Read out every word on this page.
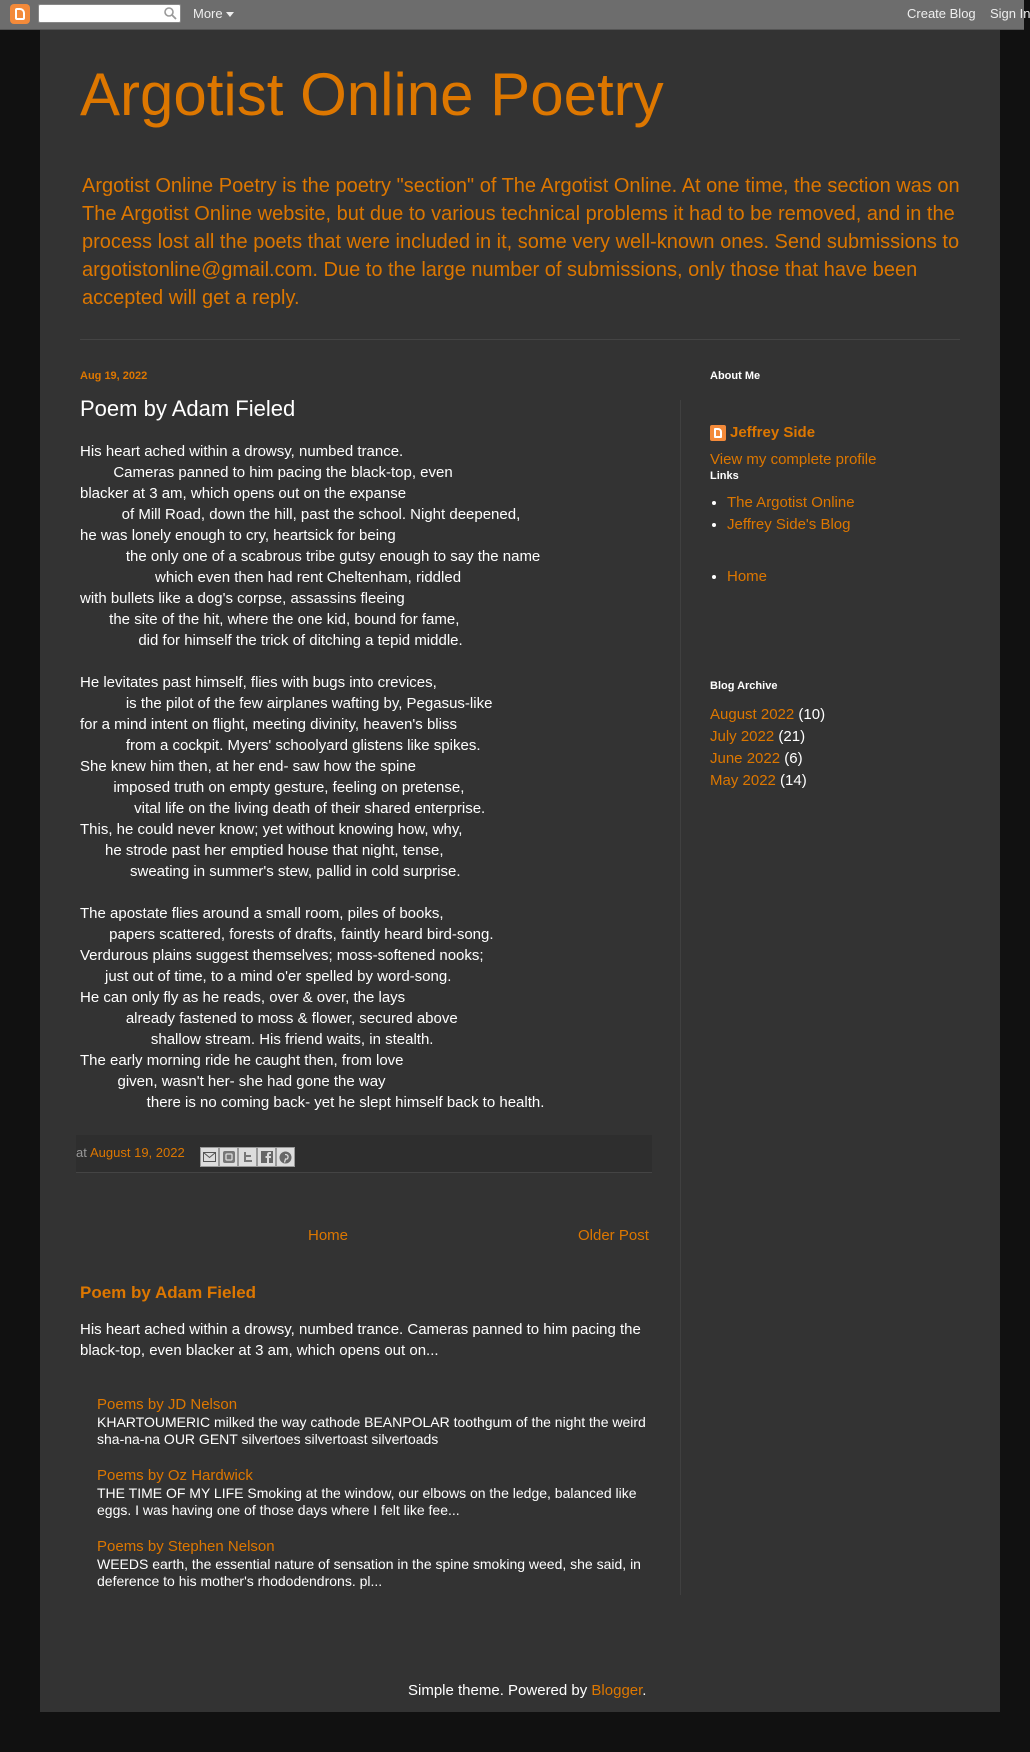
More	Create Blog Sign In
Argotist Online Poetry

Argotist Online Poetry is the poetry "section" of The Argotist Online. At one time, the section was on The Argotist Online website, but due to various technical problems it had to be removed, and in the process lost all the poets that were included in it, some very well-known ones. Send submissions to argotistonline@gmail.com. Due to the large number of submissions, only those that have been accepted will get a reply.

Aug 19, 2022
Poem by Adam Fieled
His heart ached within a drowsy, numbed trance.
Cameras panned to him pacing the black-top, even
blacker at 3 am, which opens out on the expanse
of Mill Road, down the hill, past the school. Night deepened,
he was lonely enough to cry, heartsick for being
the only one of a scabrous tribe gutsy enough to say the name
which even then had rent Cheltenham, riddled
with bullets like a dog's corpse, assassins fleeing
the site of the hit, where the one kid, bound for fame,
did for himself the trick of ditching a tepid middle.
He levitates past himself, flies with bugs into crevices,
is the pilot of the few airplanes wafting by, Pegasus-like
for a mind intent on flight, meeting divinity, heaven's bliss
from a cockpit. Myers' schoolyard glistens like spikes.
She knew him then, at her end- saw how the spine
imposed truth on empty gesture, feeling on pretense,
vital life on the living death of their shared enterprise.
This, he could never know; yet without knowing how, why,
he strode past her emptied house that night, tense,
sweating in summer's stew, pallid in cold surprise.
The apostate flies around a small room, piles of books,
papers scattered, forests of drafts, faintly heard bird-song.
Verdurous plains suggest themselves; moss-softened nooks;
just out of time, to a mind o'er spelled by word-song.
He can only fly as he reads, over & over, the lays
already fastened to moss & flower, secured above
shallow stream. His friend waits, in stealth.
The early morning ride he caught then, from love
given, wasn't her- she had gone the way
there is no coming back- yet he slept himself back to health.
at August 19, 2022
Home	Older Post
Poem by Adam Fieled

His heart ached within a drowsy, numbed trance. Cameras panned to him pacing the black-top, even blacker at 3 am, which opens out on...

Poems by JD Nelson
KHARTOUMERIC milked the way cathode BEANPOLAR toothgum of the night the weird sha-na-na OUR GENT silvertoes silvertoast silvertoads
Poems by Oz Hardwick
THE TIME OF MY LIFE Smoking at the window, our elbows on the ledge, balanced like eggs. I was having one of those days where I felt like fee...
Poems by Stephen Nelson
WEEDS earth, the essential nature of sensation in the spine smoking weed, she said, in deference to his mother's rhododendrons. pl...
About Me
Jeffrey Side
View my complete profile
Links
• The Argotist Online
• Jeffrey Side's Blog
• Home
Blog Archive
August 2022 (10)
July 2022 (21)
June 2022 (6)
May 2022 (14)
Simple theme. Powered by Blogger.
